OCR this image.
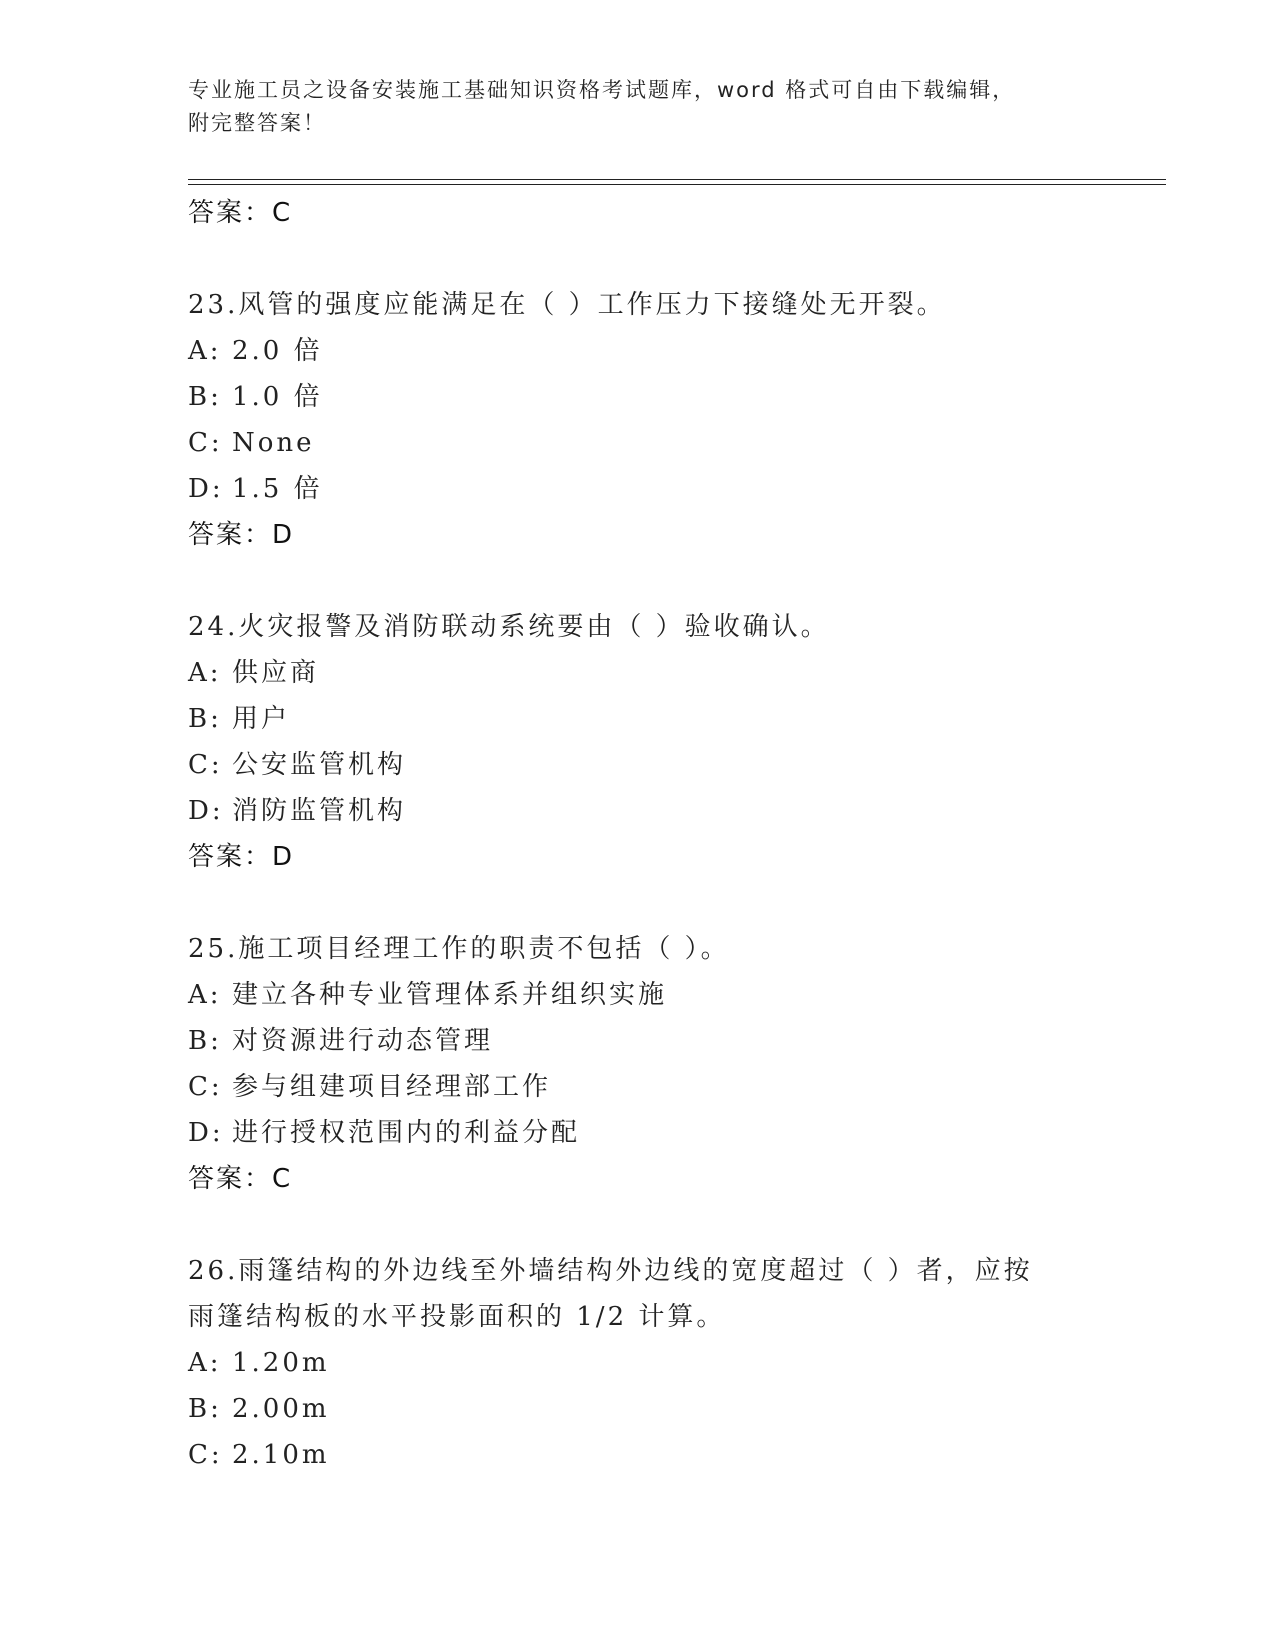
专业施工员之设备安装施工基础知识资格考试题库，word 格式可自由下载编辑，
附完整答案！
答案：C
23.风管的强度应能满足在（ ）工作压力下接缝处无开裂。
A: 2.0 倍
B: 1.0 倍
C: None
D: 1.5 倍
答案：D
24.火灾报警及消防联动系统要由（ ）验收确认。
A: 供应商
B: 用户
C: 公安监管机构
D: 消防监管机构
答案：D
25.施工项目经理工作的职责不包括（ ）。
A: 建立各种专业管理体系并组织实施
B: 对资源进行动态管理
C: 参与组建项目经理部工作
D: 进行授权范围内的利益分配
答案：C
26.雨篷结构的外边线至外墙结构外边线的宽度超过（ ）者，应按雨篷结构板的水平投影面积的 1/2 计算。
A: 1.20m
B: 2.00m
C: 2.10m
